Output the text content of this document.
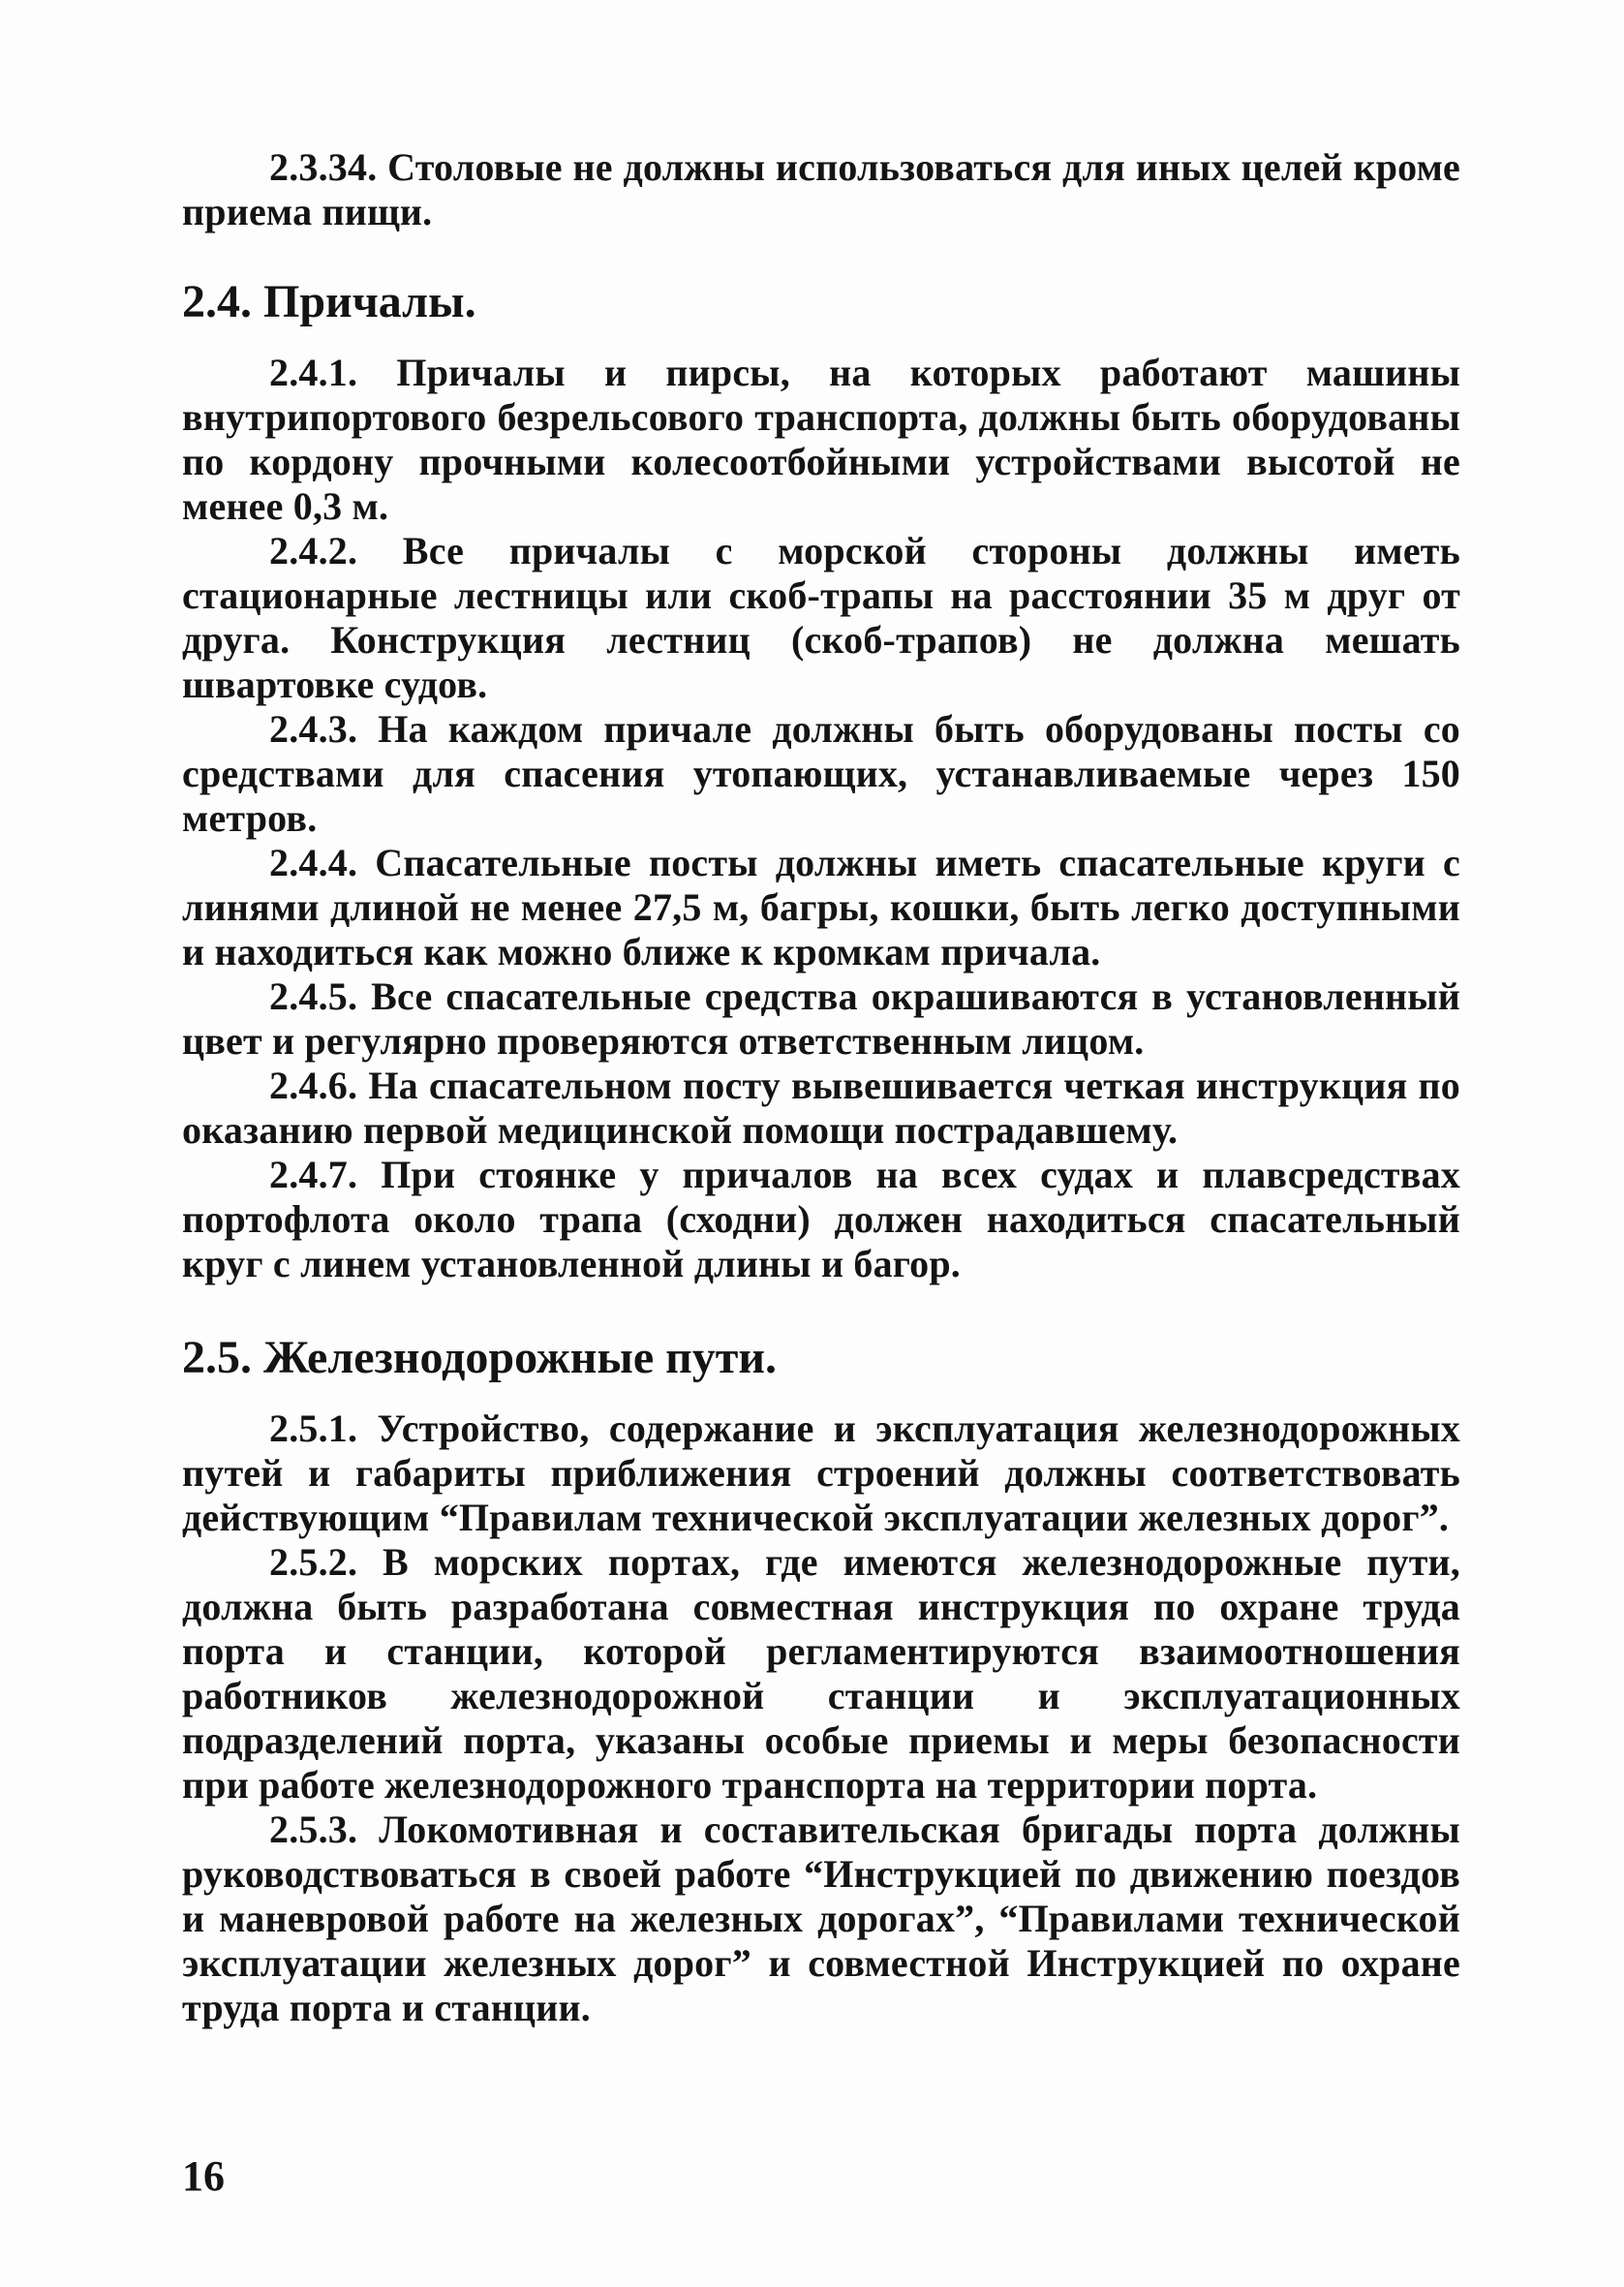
2.3.34. Столовые не должны использоваться для иных целей кроме приема пищи.

2.4. Причалы.

2.4.1. Причалы и пирсы, на которых работают машины внутрипортового безрельсового транспорта, должны быть оборудованы по кордону прочными колесоотбойными устройствами высотой не менее 0,3 м.

2.4.2. Все причалы с морской стороны должны иметь стационарные лестницы или скоб-трапы на расстоянии 35 м друг от друга. Конструкция лестниц (скоб-трапов) не должна мешать швартовке судов.

2.4.3. На каждом причале должны быть оборудованы посты со средствами для спасения утопающих, устанавливаемые через 150 метров.

2.4.4. Спасательные посты должны иметь спасательные круги с линями длиной не менее 27,5 м, багры, кошки, быть легко доступными и находиться как можно ближе к кромкам причала.

2.4.5. Все спасательные средства окрашиваются в установленный цвет и регулярно проверяются ответственным лицом.

2.4.6. На спасательном посту вывешивается четкая инструкция по оказанию первой медицинской помощи пострадавшему.

2.4.7. При стоянке у причалов на всех судах и плавсредствах портофлота около трапа (сходни) должен находиться спасательный круг с линем установленной длины и багор.

2.5. Железнодорожные пути.

2.5.1. Устройство, содержание и эксплуатация железнодорожных путей и габариты приближения строений должны соответствовать действующим “Правилам технической эксплуатации железных дорог”.

2.5.2. В морских портах, где имеются железнодорожные пути, должна быть разработана совместная инструкция по охране труда порта и станции, которой регламентируются взаимоотношения работников железнодорожной станции и эксплуатационных подразделений порта, указаны особые приемы и меры безопасности при работе железнодорожного транспорта на территории порта.

2.5.3. Локомотивная и составительская бригады порта должны руководствоваться в своей работе “Инструкцией по движению поездов и маневровой работе на железных дорогах”, “Правилами технической эксплуатации железных дорог” и совместной Инструкцией по охране труда порта и станции.

16
